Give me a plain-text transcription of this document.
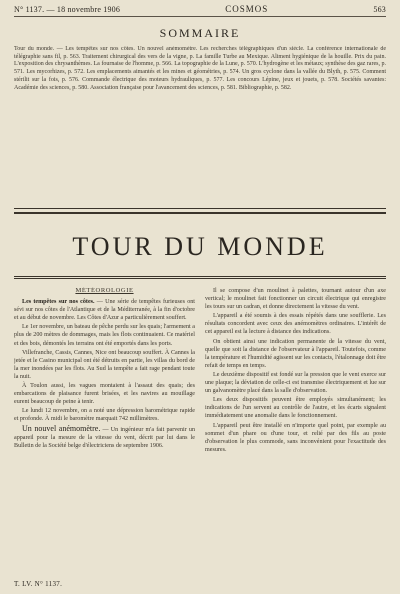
N° 1137. — 18 novembre 1906	COSMOS	563
SOMMAIRE
Tour du monde. — Les tempêtes sur nos côtes. Un nouvel anémomètre. Les recherches télégraphiques d'un siècle. La conférence internationale de télégraphie sans fil, p. 563. Traitement chirurgical des vers de la vigne, p. La famille Turbe au Mexique. Aliment hygiénique de la houille. Prix du pain. L'exposition des chrysanthèmes. La fournaise de l'homme, p. 566. La topographie de la Lune, p. 570. L'hydrogène et les métaux; synthèse des gaz rares, p. 571. Les mycorhizes, p. 572. Les emplacements aimantés et les mines et géométries, p. 574. Un gros cyclone dans la vallée du Blyth, p. 575. Comment stérilit sur la fois, p. 576. Commande électrique des moteurs hydrauliques, p. 577. Les concours Lépine, jeux et jouets, p. 578. Sociétés savantes: Académie des sciences, p. 580. Association française pour l'avancement des sciences, p. 581. Bibliographie, p. 582.
TOUR DU MONDE
MÉTÉOROLOGIE

Les tempêtes sur nos côtes. — Une série de tempêtes furieuses ont sévi sur nos côtes de l'Atlantique et de la Méditerranée, à la fin d'octobre et au début de novembre. Les Côtes d'Azur a particulièrement souffert.

Le 1er novembre, un bateau de pêche perdu sur les quais; l'armement a plus de 200 mètres de dommages, mais les flots continuaient. Ce matériel et des bois, démontés les terrains ont été emportés dans les ports.

Villefranche, Cassis, Cannes, Nice ont beaucoup souffert. À Cannes la jetée et le Casino municipal ont été détruits en partie, les villas du bord de la mer inondées par les flots. Au Sud la tempête a fait rage pendant toute la nuit.

À Toulon aussi, les vagues montaient à l'assaut des quais; des embarcations de plaisance furent brisées, et les navires au mouillage eurent beaucoup de peine à tenir.

Le lundi 12 novembre, on a noté une dépression barométrique rapide et profonde. À midi le baromètre marquait 742 millimètres.

Un nouvel anémomètre. — Un ingénieur m'a fait parvenir un appareil pour la mesure de la vitesse du vent, décrit par lui dans le Bulletin de la Société belge d'électriciens de septembre 1906.

Il se compose d'un moulinet à palettes, tournant autour d'un axe vertical; le moulinet fait fonctionner un circuit électrique qui enregistre les tours sur un cadran, et donne directement la vitesse du vent.

L'appareil a été soumis à des essais répétés dans une soufflerie. Les résultats concordent avec ceux des anémomètres ordinaires. L'intérêt de cet appareil est la lecture à distance des indications.

On obtient ainsi une indication permanente de la vitesse du vent, quelle que soit la distance de l'observateur à l'appareil. Toutefois, comme la température et l'humidité agissent sur les contacts, l'étalonnage doit être refait de temps en temps.

Le deuxième dispositif est fondé sur la pression que le vent exerce sur une plaque; la déviation de celle-ci est transmise électriquement et lue sur un galvanomètre placé dans la salle d'observation.

Les deux dispositifs peuvent être employés simultanément; les indications de l'un servent au contrôle de l'autre, et les écarts signalent immédiatement une anomalie dans le fonctionnement.

L'appareil peut être installé en n'importe quel point, par exemple au sommet d'un phare ou d'une tour, et relié par des fils au poste d'observation le plus commode, sans inconvénient pour l'exactitude des mesures.

T. LV. N° 1137.
